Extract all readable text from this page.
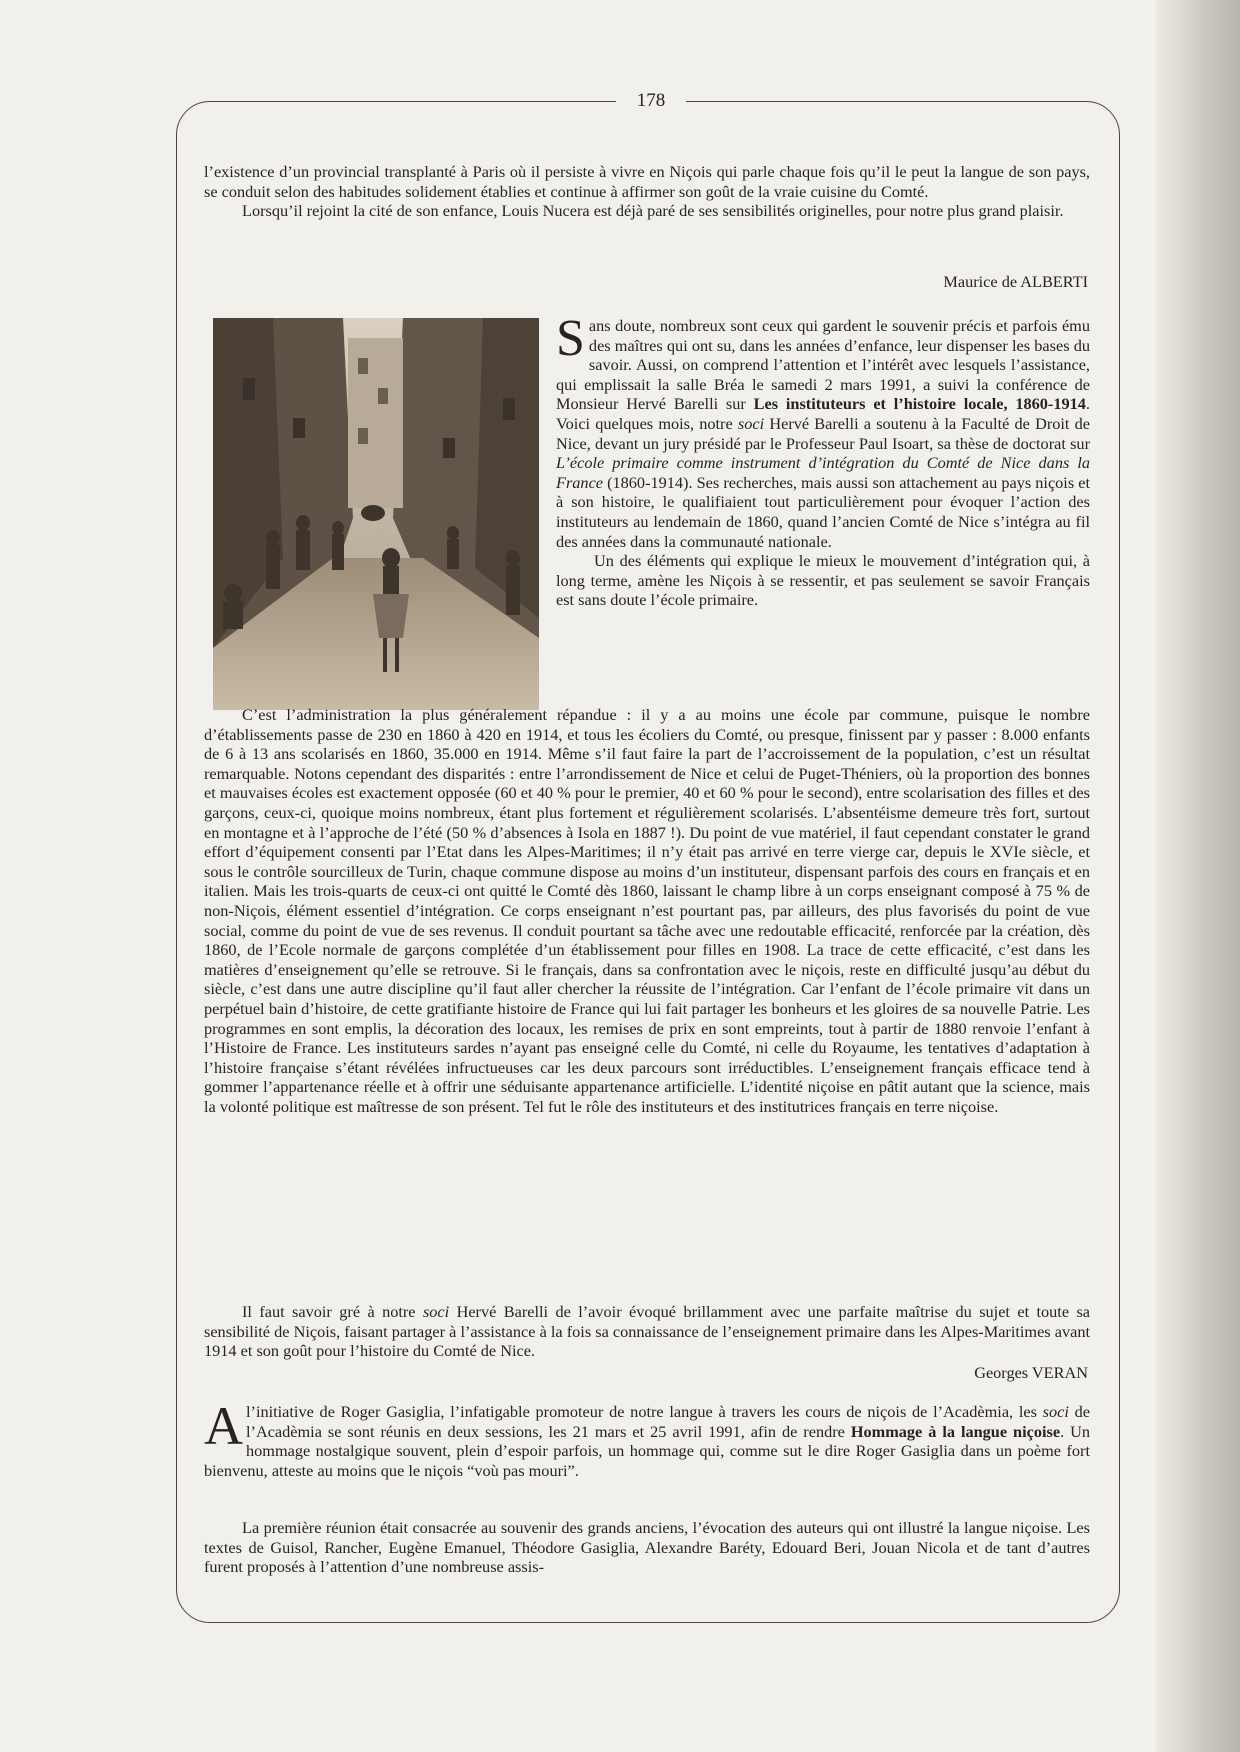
178

l’existence d’un provincial transplanté à Paris où il persiste à vivre en Niçois qui parle chaque fois qu’il le peut la langue de son pays, se conduit selon des habitudes solidement établies et continue à affirmer son goût de la vraie cuisine du Comté.

Lorsqu’il rejoint la cité de son enfance, Louis Nucera est déjà paré de ses sensibilités originelles, pour notre plus grand plaisir.

Maurice de ALBERTI

Sans doute, nombreux sont ceux qui gardent le souvenir précis et parfois ému des maîtres qui ont su, dans les années d’enfance, leur dispenser les bases du savoir. Aussi, on comprend l’attention et l’intérêt avec lesquels l’assistance, qui emplissait la salle Bréa le samedi 2 mars 1991, a suivi la conférence de Monsieur Hervé Barelli sur Les instituteurs et l’histoire locale, 1860-1914. Voici quelques mois, notre soci Hervé Barelli a soutenu à la Faculté de Droit de Nice, devant un jury présidé par le Professeur Paul Isoart, sa thèse de doctorat sur L’école primaire comme instrument d’intégration du Comté de Nice dans la France (1860-1914). Ses recherches, mais aussi son attachement au pays niçois et à son histoire, le qualifiaient tout particulièrement pour évoquer l’action des instituteurs au lendemain de 1860, quand l’ancien Comté de Nice s’intégra au fil des années dans la communauté nationale.

Un des éléments qui explique le mieux le mouvement d’intégration qui, à long terme, amène les Niçois à se ressentir, et pas seulement se savoir Français est sans doute l’école primaire.

C’est l’administration la plus généralement répandue : il y a au moins une école par commune, puisque le nombre d’établissements passe de 230 en 1860 à 420 en 1914, et tous les écoliers du Comté, ou presque, finissent par y passer : 8.000 enfants de 6 à 13 ans scolarisés en 1860, 35.000 en 1914. Même s’il faut faire la part de l’accroissement de la population, c’est un résultat remarquable. Notons cependant des disparités : entre l’arrondissement de Nice et celui de Puget-Théniers, où la proportion des bonnes et mauvaises écoles est exactement opposée (60 et 40 % pour le premier, 40 et 60 % pour le second), entre scolarisation des filles et des garçons, ceux-ci, quoique moins nombreux, étant plus fortement et régulièrement scolarisés. L’absentéisme demeure très fort, surtout en montagne et à l’approche de l’été (50 % d’absences à Isola en 1887 !). Du point de vue matériel, il faut cependant constater le grand effort d’équipement consenti par l’Etat dans les Alpes-Maritimes; il n’y était pas arrivé en terre vierge car, depuis le XVIe siècle, et sous le contrôle sourcilleux de Turin, chaque commune dispose au moins d’un instituteur, dispensant parfois des cours en français et en italien. Mais les trois-quarts de ceux-ci ont quitté le Comté dès 1860, laissant le champ libre à un corps enseignant composé à 75 % de non-Niçois, élément essentiel d’intégration. Ce corps enseignant n’est pourtant pas, par ailleurs, des plus favorisés du point de vue social, comme du point de vue de ses revenus. Il conduit pourtant sa tâche avec une redoutable efficacité, renforcée par la création, dès 1860, de l’Ecole normale de garçons complétée d’un établissement pour filles en 1908. La trace de cette efficacité, c’est dans les matières d’enseignement qu’elle se retrouve. Si le français, dans sa confrontation avec le niçois, reste en difficulté jusqu’au début du siècle, c’est dans une autre discipline qu’il faut aller chercher la réussite de l’intégration. Car l’enfant de l’école primaire vit dans un perpétuel bain d’histoire, de cette gratifiante histoire de France qui lui fait partager les bonheurs et les gloires de sa nouvelle Patrie. Les programmes en sont emplis, la décoration des locaux, les remises de prix en sont empreints, tout à partir de 1880 renvoie l’enfant à l’Histoire de France. Les instituteurs sardes n’ayant pas enseigné celle du Comté, ni celle du Royaume, les tentatives d’adaptation à l’histoire française s’étant révélées infructueuses car les deux parcours sont irréductibles. L’enseignement français efficace tend à gommer l’appartenance réelle et à offrir une séduisante appartenance artificielle. L’identité niçoise en pâtit autant que la science, mais la volonté politique est maîtresse de son présent. Tel fut le rôle des instituteurs et des institutrices français en terre niçoise.
Il faut savoir gré à notre soci Hervé Barelli de l’avoir évoqué brillamment avec une parfaite maîtrise du sujet et toute sa sensibilité de Niçois, faisant partager à l’assistance à la fois sa connaissance de l’enseignement primaire dans les Alpes-Maritimes avant 1914 et son goût pour l’histoire du Comté de Nice.

Georges VERAN

Al’initiative de Roger Gasiglia, l’infatigable promoteur de notre langue à travers les cours de niçois de l’Acadèmia, les soci de l’Acadèmia se sont réunis en deux sessions, les 21 mars et 25 avril 1991, afin de rendre Hommage à la langue niçoise. Un hommage nostalgique souvent, plein d’espoir parfois, un hommage qui, comme sut le dire Roger Gasiglia dans un poème fort bienvenu, atteste au moins que le niçois “voù pas mouri”.

La première réunion était consacrée au souvenir des grands anciens, l’évocation des auteurs qui ont illustré la langue niçoise. Les textes de Guisol, Rancher, Eugène Emanuel, Théodore Gasiglia, Alexandre Baréty, Edouard Beri, Jouan Nicola et de tant d’autres furent proposés à l’attention d’une nombreuse assis-
